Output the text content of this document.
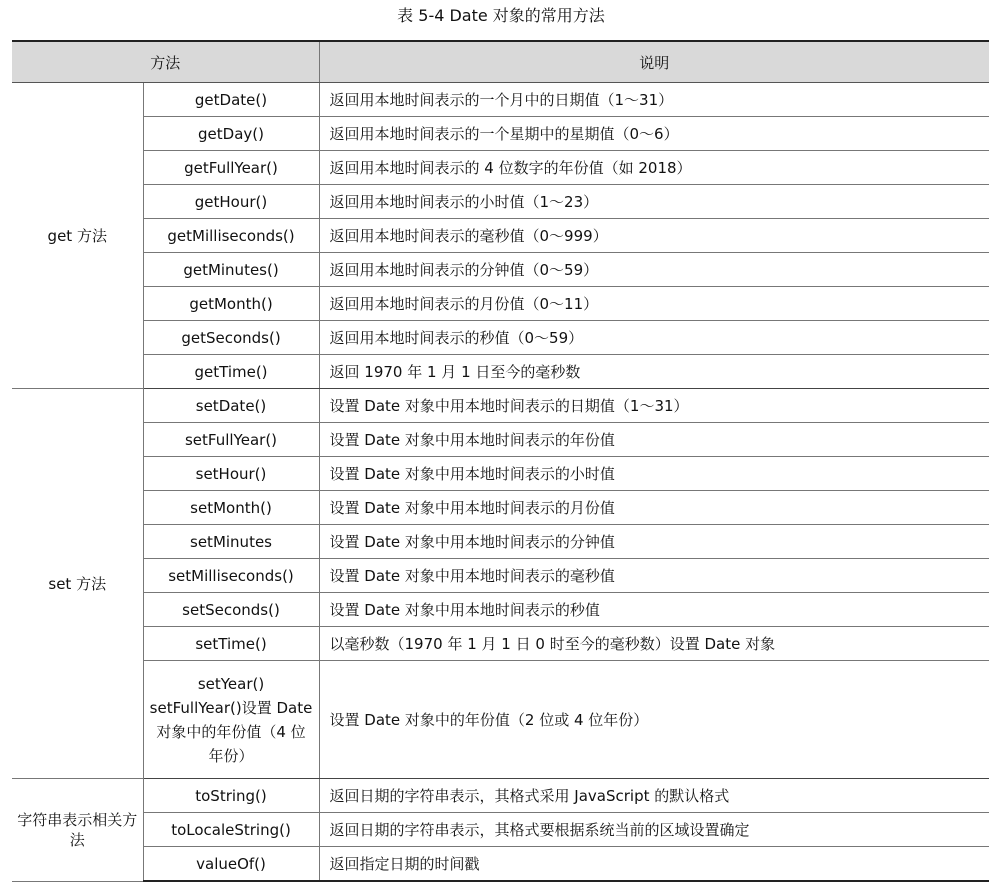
表 5-4 Date 对象的常用方法
方法		说明
get 方法	getDate()	返回用本地时间表示的一个月中的日期值（1～31）
	getDay()	返回用本地时间表示的一个星期中的星期值（0～6）
	getFullYear()	返回用本地时间表示的 4 位数字的年份值（如 2018）
	getHour()	返回用本地时间表示的小时值（1～23）
	getMilliseconds()	返回用本地时间表示的毫秒值（0～999）
	getMinutes()	返回用本地时间表示的分钟值（0～59）
	getMonth()	返回用本地时间表示的月份值（0～11）
	getSeconds()	返回用本地时间表示的秒值（0～59）
	getTime()	返回 1970 年 1 月 1 日至今的毫秒数
set 方法	setDate()	设置 Date 对象中用本地时间表示的日期值（1～31）
	setFullYear()	设置 Date 对象中用本地时间表示的年份值
	setHour()	设置 Date 对象中用本地时间表示的小时值
	setMonth()	设置 Date 对象中用本地时间表示的月份值
	setMinutes	设置 Date 对象中用本地时间表示的分钟值
	setMilliseconds()	设置 Date 对象中用本地时间表示的毫秒值
	setSeconds()	设置 Date 对象中用本地时间表示的秒值
	setTime()	以毫秒数（1970 年 1 月 1 日 0 时至今的毫秒数）设置 Date 对象
	setYear() setFullYear()设置 Date 对象中的年份值（4 位年份）	设置 Date 对象中的年份值（2 位或 4 位年份）
字符串表示相关方法	toString()	返回日期的字符串表示，其格式采用 JavaScript 的默认格式
	toLocaleString()	返回日期的字符串表示，其格式要根据系统当前的区域设置确定
	valueOf()	返回指定日期的时间戳
